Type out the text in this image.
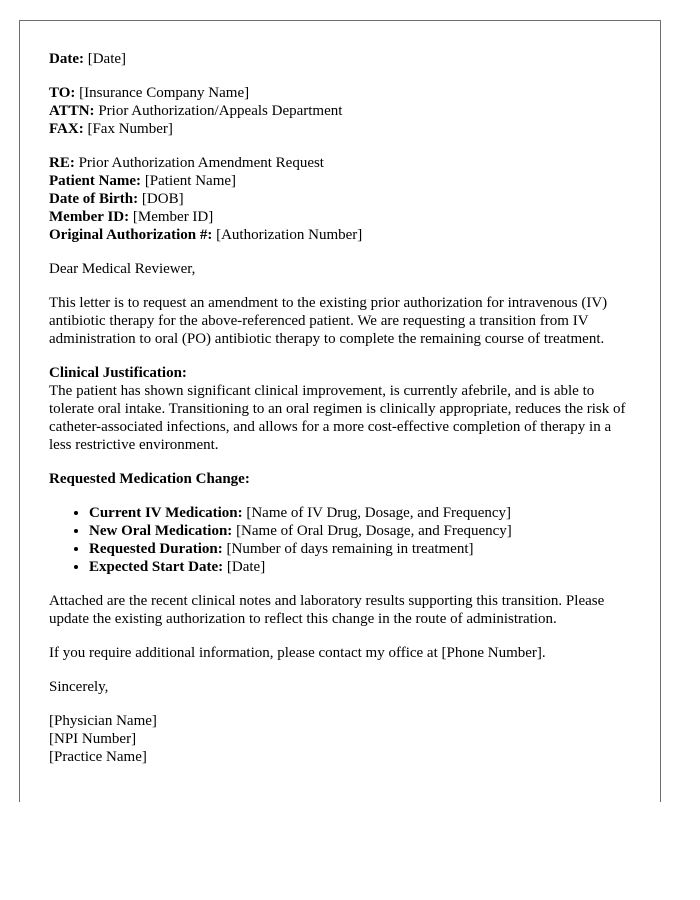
Date: [Date]

TO: [Insurance Company Name]
ATTN: Prior Authorization/Appeals Department
FAX: [Fax Number]
RE: Prior Authorization Amendment Request
Patient Name: [Patient Name]
Date of Birth: [DOB]
Member ID: [Member ID]
Original Authorization #: [Authorization Number]

Dear Medical Reviewer,

This letter is to request an amendment to the existing prior authorization for intravenous (IV) antibiotic therapy for the above-referenced patient. We are requesting a transition from IV administration to oral (PO) antibiotic therapy to complete the remaining course of treatment.

Clinical Justification:
The patient has shown significant clinical improvement, is currently afebrile, and is able to tolerate oral intake. Transitioning to an oral regimen is clinically appropriate, reduces the risk of catheter-associated infections, and allows for a more cost-effective completion of therapy in a less restrictive environment.

Requested Medication Change:

• Current IV Medication: [Name of IV Drug, Dosage, and Frequency]
• New Oral Medication: [Name of Oral Drug, Dosage, and Frequency]
• Requested Duration: [Number of days remaining in treatment]
• Expected Start Date: [Date]

Attached are the recent clinical notes and laboratory results supporting this transition. Please update the existing authorization to reflect this change in the route of administration.

If you require additional information, please contact my office at [Phone Number].

Sincerely,

[Physician Name]
[NPI Number]
[Practice Name]
